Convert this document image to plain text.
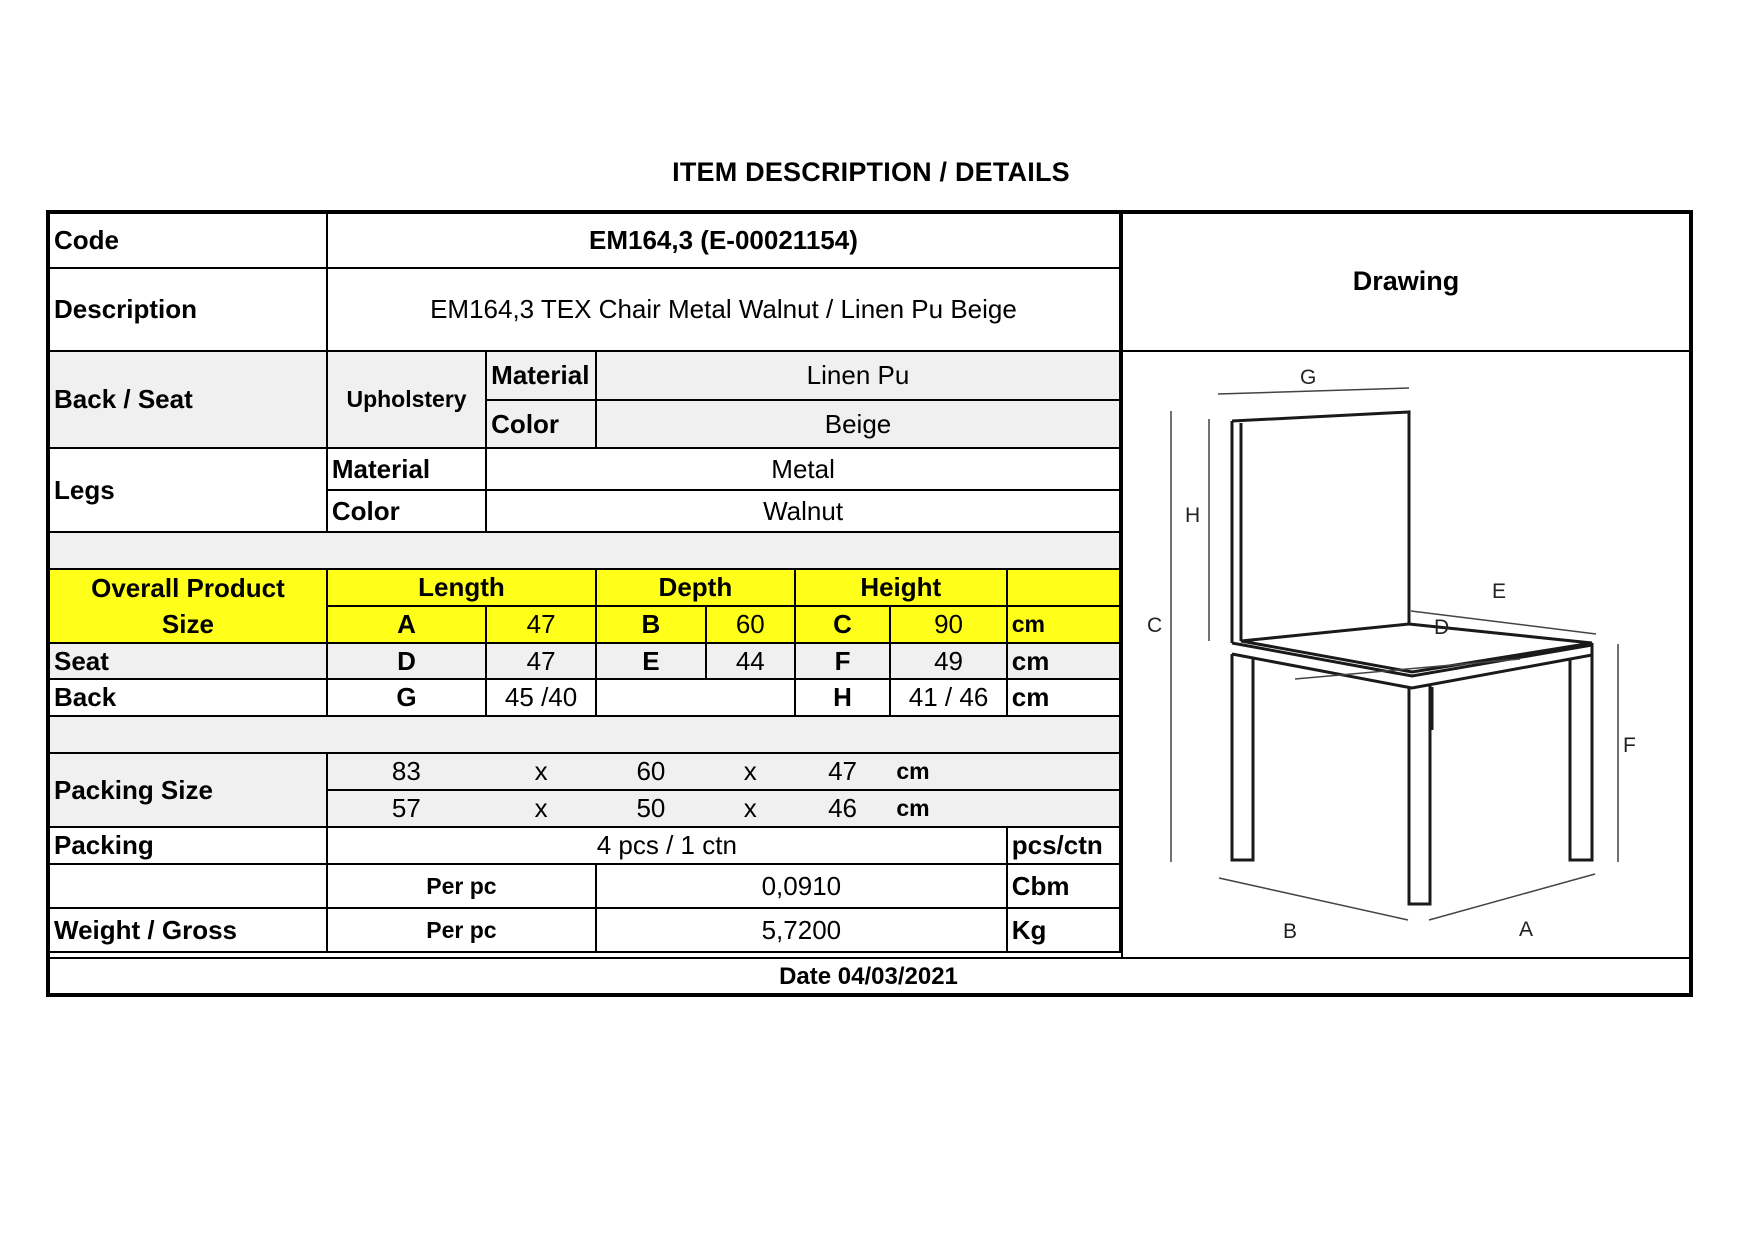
ITEM DESCRIPTION / DETAILS
Code	EM164,3 (E-00021154)						
Description	EM164,3 TEX Chair Metal Walnut / Linen Pu Beige						
Back / Seat	Upholstery	Material	Linen Pu				
		Color	Beige				
Legs	Material	Metal					
	Color	Walnut					

Overall Product
Size	Length		Depth		Height		
	A	47	B	60	C	90	cm
Seat	D	47	E	44	F	49	cm
Back	G	45 /40			H	41 / 46	cm

Packing Size	83	x	60	x	47	cm	
	57	x	50	x	46	cm	
Packing	4 pcs / 1 ctn						pcs/ctn
	Per pc		0,0910				Cbm
Weight / Gross	Per pc		5,7200				Kg
Drawing
G
H
C
E
D
F
B	A
Date 04/03/2021
